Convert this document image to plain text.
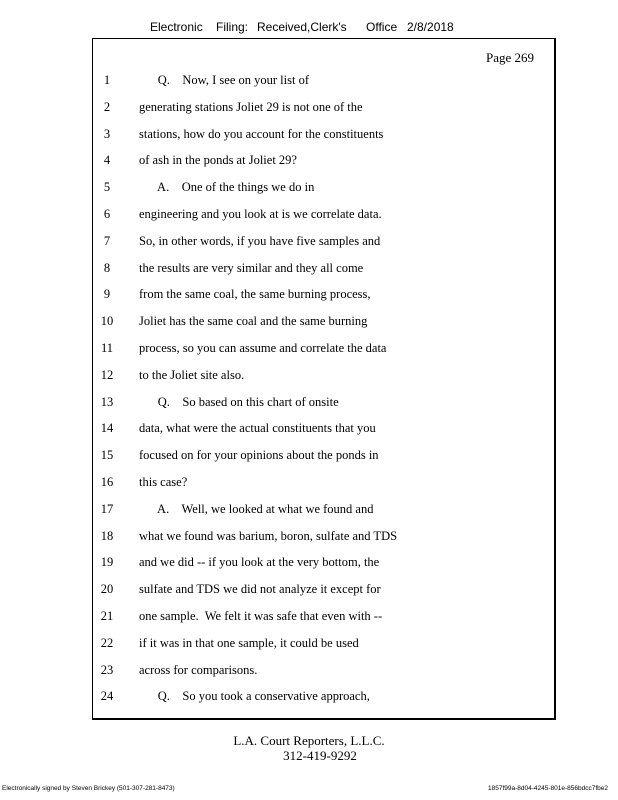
Electronic Filing: Received,Clerk's Office 2/8/2018
Page 269
1	Q.    Now, I see on your list of
2	generating stations Joliet 29 is not one of the
3	stations, how do you account for the constituents
4	of ash in the ponds at Joliet 29?
5	A.    One of the things we do in
6	engineering and you look at is we correlate data.
7	So, in other words, if you have five samples and
8	the results are very similar and they all come
9	from the same coal, the same burning process,
10 Joliet has the same coal and the same burning
11 process, so you can assume and correlate the data
12 to the Joliet site also.
13 Q.    So based on this chart of onsite
14 data, what were the actual constituents that you
15 focused on for your opinions about the ponds in
16 this case?
17 A.    Well, we looked at what we found and
18 what we found was barium, boron, sulfate and TDS
19 and we did -- if you look at the very bottom, the
20 sulfate and TDS we did not analyze it except for
21 one sample.  We felt it was safe that even with --
22 if it was in that one sample, it could be used
23 across for comparisons.
24 Q.    So you took a conservative approach,
L.A. Court Reporters, L.L.C.
312-419-9292
Electronically signed by Steven Brickey (501-307-281-8473)	1857f99a-8d04-4245-801e-856bdcc7fbe2
